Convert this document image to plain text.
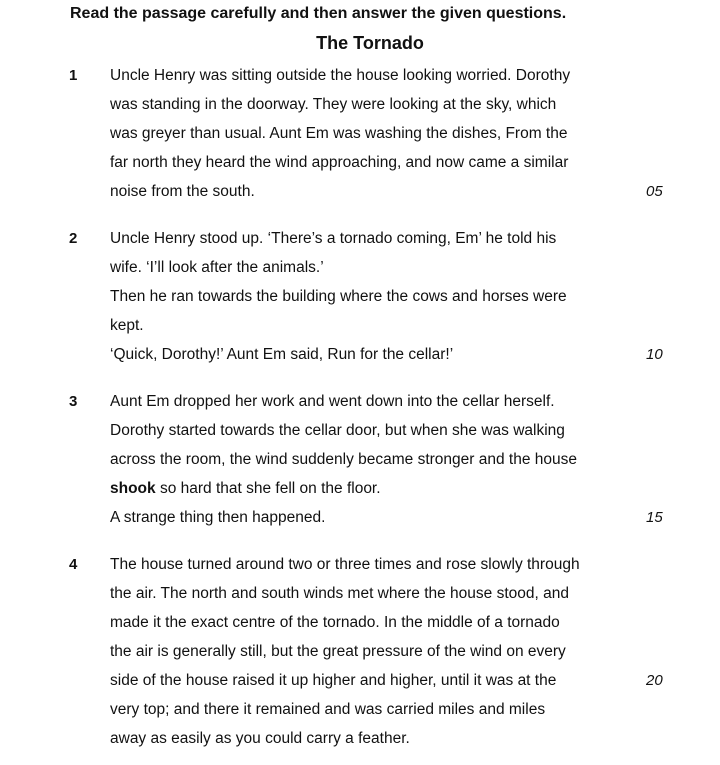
Read the passage carefully and then answer the given questions.
The Tornado
1 Uncle Henry was sitting outside the house looking worried. Dorothy
was standing in the doorway. They were looking at the sky, which
was greyer than usual. Aunt Em was washing the dishes, From the
far north they heard the wind approaching, and now came a similar
noise from the south.	05
2 Uncle Henry stood up. ‘There’s a tornado coming, Em’ he told his
wife. ‘I’ll look after the animals.’
Then he ran towards the building where the cows and horses were
kept.
‘Quick, Dorothy!’ Aunt Em said, Run for the cellar!’	10
3 Aunt Em dropped her work and went down into the cellar herself.
Dorothy started towards the cellar door, but when she was walking
across the room, the wind suddenly became stronger and the house
shook so hard that she fell on the floor.
A strange thing then happened.	15
4 The house turned around two or three times and rose slowly through
the air. The north and south winds met where the house stood, and
made it the exact centre of the tornado. In the middle of a tornado
the air is generally still, but the great pressure of the wind on every
side of the house raised it up higher and higher, until it was at the	20
very top; and there it remained and was carried miles and miles
away as easily as you could carry a feather.
